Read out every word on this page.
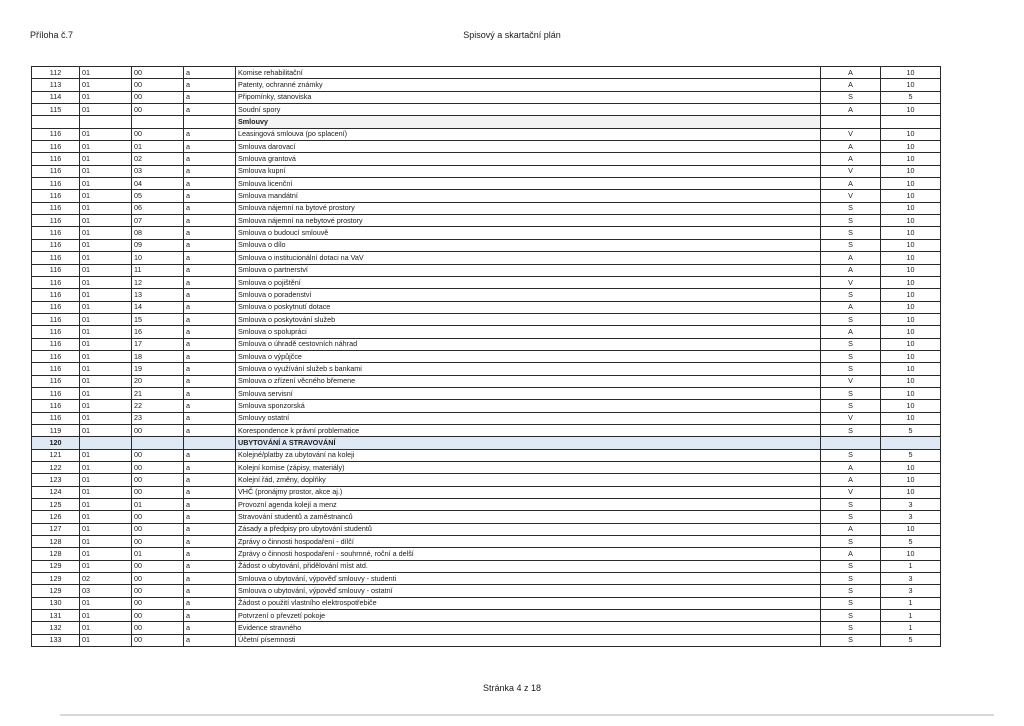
Příloha č.7	Spisový a skartační plán
112	01	00	a	Komise rehabilitační	A	10
113	01	00	a	Patenty, ochranné známky	A	10
114	01	00	a	Připomínky, stanoviska	S	5
115	01	00	a	Soudní spory	A	10
				Smlouvy		
116	01	00	a	Leasingová smlouva (po splacení)	V	10
116	01	01	a	Smlouva darovací	A	10
116	01	02	a	Smlouva grantová	A	10
116	01	03	a	Smlouva kupní	V	10
116	01	04	a	Smlouva licenční	A	10
116	01	05	a	Smlouva mandátní	V	10
116	01	06	a	Smlouva nájemní na bytové prostory	S	10
116	01	07	a	Smlouva nájemní na nebytové prostory	S	10
116	01	08	a	Smlouva o budoucí smlouvě	S	10
116	01	09	a	Smlouva o dílo	S	10
116	01	10	a	Smlouva o institucionální dotaci na VaV	A	10
116	01	11	a	Smlouva o partnerství	A	10
116	01	12	a	Smlouva o pojištění	V	10
116	01	13	a	Smlouva o poradenství	S	10
116	01	14	a	Smlouva o poskytnutí dotace	A	10
116	01	15	a	Smlouva o poskytování služeb	S	10
116	01	16	a	Smlouva o spolupráci	A	10
116	01	17	a	Smlouva o úhradě cestovních náhrad	S	10
116	01	18	a	Smlouva o výpůjčce	S	10
116	01	19	a	Smlouva o využívání služeb s bankami	S	10
116	01	20	a	Smlouva o zřízení věcného břemene	V	10
116	01	21	a	Smlouva servisní	S	10
116	01	22	a	Smlouva sponzorská	S	10
116	01	23	a	Smlouvy ostatní	V	10
119	01	00	a	Korespondence k právní problematice	S	5
120				UBYTOVÁNÍ A STRAVOVÁNÍ		
121	01	00	a	Kolejné/platby za ubytování na koleji	S	5
122	01	00	a	Kolejní komise (zápisy, materiály)	A	10
123	01	00	a	Kolejní řád, změny, doplňky	A	10
124	01	00	a	VHČ (pronájmy prostor, akce aj.)	V	10
125	01	01	a	Provozní agenda kolejí a menz	S	3
126	01	00	a	Stravování studentů a zaměstnanců	S	3
127	01	00	a	Zásady a předpisy pro ubytování studentů	A	10
128	01	00	a	Zprávy o činnosti hospodaření - dílčí	S	5
128	01	01	a	Zprávy o činnosti hospodaření - souhrnné, roční a delší	A	10
129	01	00	a	Žádost o ubytování, přidělování míst atd.	S	1
129	02	00	a	Smlouva o ubytování, výpověď smlouvy - studenti	S	3
129	03	00	a	Smlouva o ubytování, výpověď smlouvy - ostatní	S	3
130	01	00	a	Žádost o použití vlastního elektrospotřebiče	S	1
131	01	00	a	Potvrzení o převzetí pokoje	S	1
132	01	00	a	Evidence stravného	S	1
133	01	00	a	Účetní písemnosti	S	5
Stránka 4 z 18
